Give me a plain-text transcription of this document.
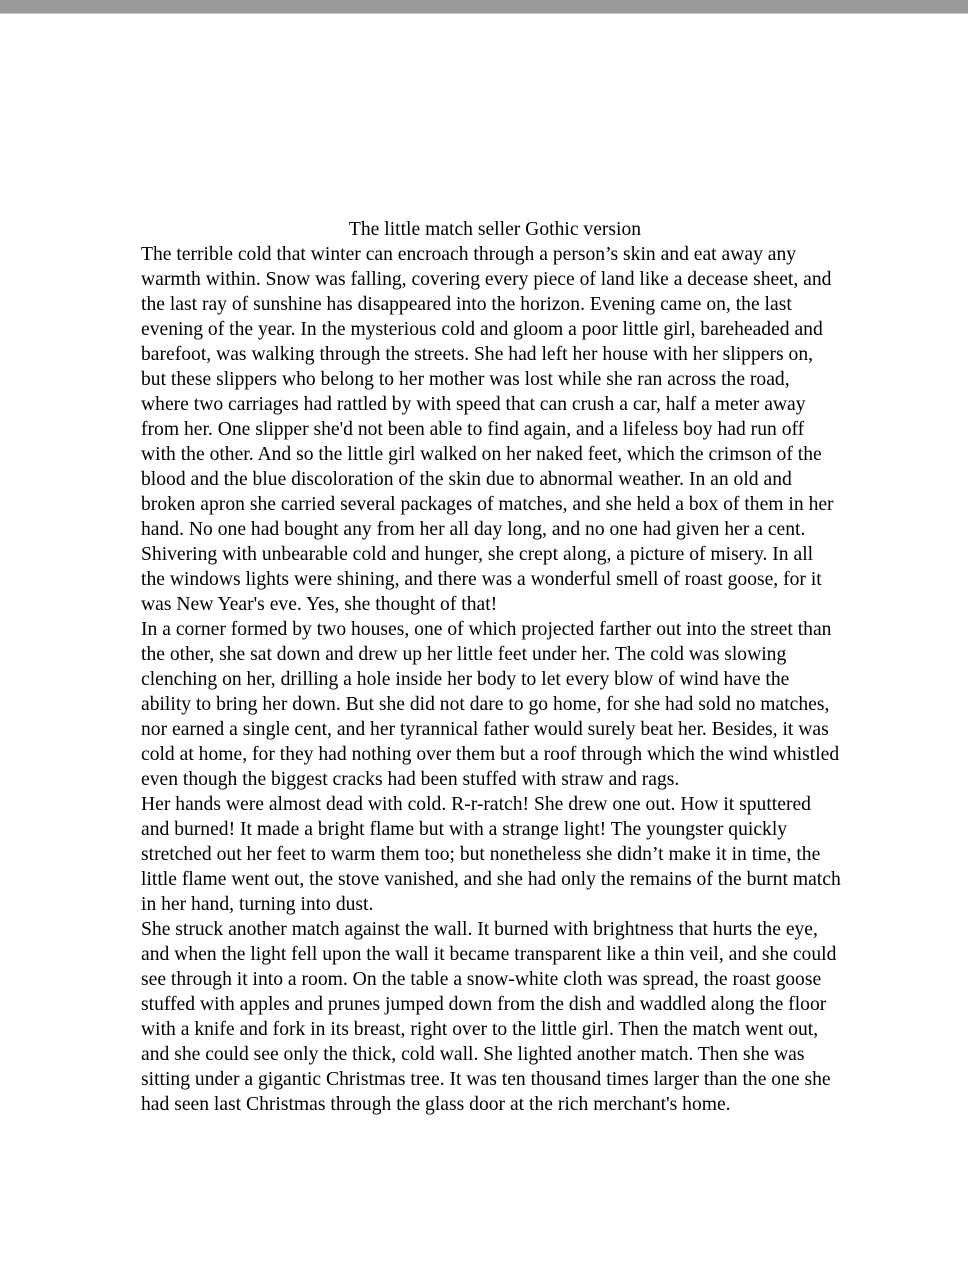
The little match seller Gothic version

The terrible cold that winter can encroach through a person’s skin and eat away any warmth within. Snow was falling, covering every piece of land like a decease sheet, and the last ray of sunshine has disappeared into the horizon. Evening came on, the last evening of the year. In the mysterious cold and gloom a poor little girl, bareheaded and barefoot, was walking through the streets. She had left her house with her slippers on, but these slippers who belong to her mother was lost while she ran across the road, where two carriages had rattled by with speed that can crush a car, half a meter away from her. One slipper she'd not been able to find again, and a lifeless boy had run off with the other. And so the little girl walked on her naked feet, which the crimson of the blood and the blue discoloration of the skin due to abnormal weather. In an old and broken apron she carried several packages of matches, and she held a box of them in her hand. No one had bought any from her all day long, and no one had given her a cent.

Shivering with unbearable cold and hunger, she crept along, a picture of misery. In all the windows lights were shining, and there was a wonderful smell of roast goose, for it was New Year's eve. Yes, she thought of that!

In a corner formed by two houses, one of which projected farther out into the street than the other, she sat down and drew up her little feet under her. The cold was slowing clenching on her, drilling a hole inside her body to let every blow of wind have the ability to bring her down. But she did not dare to go home, for she had sold no matches, nor earned a single cent, and her tyrannical father would surely beat her. Besides, it was cold at home, for they had nothing over them but a roof through which the wind whistled even though the biggest cracks had been stuffed with straw and rags.

Her hands were almost dead with cold. R-r-ratch! She drew one out. How it sputtered and burned! It made a bright flame but with a strange light! The youngster quickly stretched out her feet to warm them too; but nonetheless she didn’t make it in time, the little flame went out, the stove vanished, and she had only the remains of the burnt match in her hand, turning into dust.

She struck another match against the wall. It burned with brightness that hurts the eye, and when the light fell upon the wall it became transparent like a thin veil, and she could see through it into a room. On the table a snow-white cloth was spread, the roast goose stuffed with apples and prunes jumped down from the dish and waddled along the floor with a knife and fork in its breast, right over to the little girl. Then the match went out, and she could see only the thick, cold wall. She lighted another match. Then she was sitting under a gigantic Christmas tree. It was ten thousand times larger than the one she had seen last Christmas through the glass door at the rich merchant's home.
